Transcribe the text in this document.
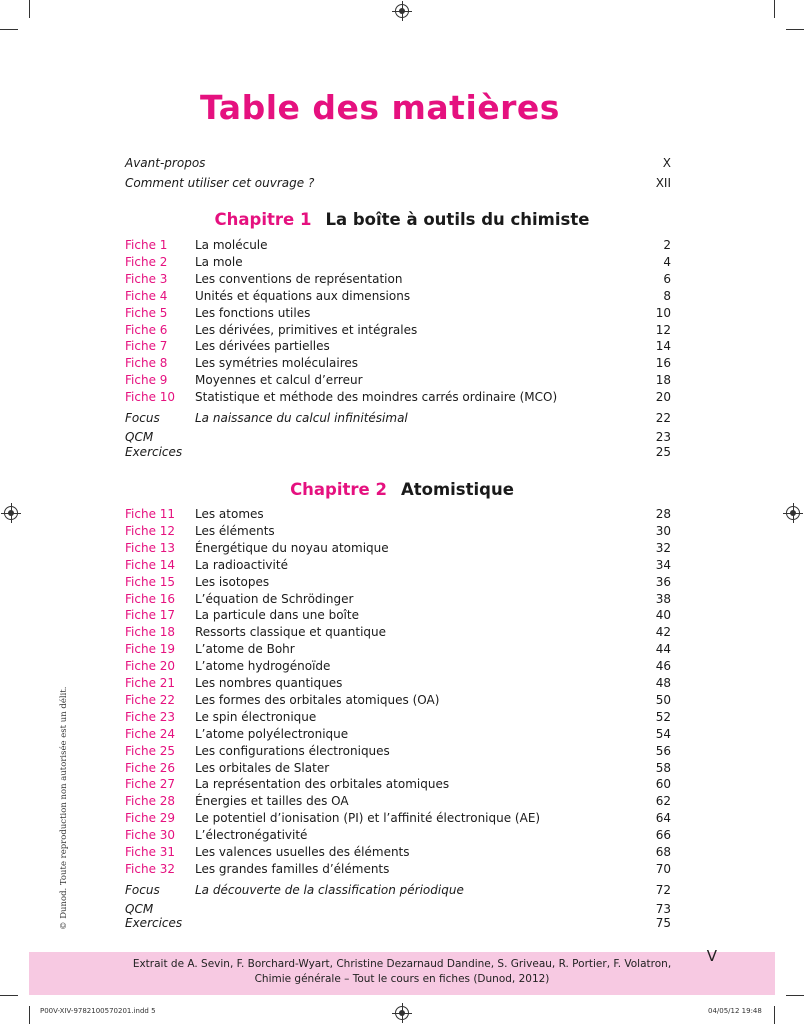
Table des matières
Avant-propos	X
Comment utiliser cet ouvrage ?	XII
Chapitre 1 La boîte à outils du chimiste
Fiche 1 La molécule	2
Fiche 2 La mole	4
Fiche 3 Les conventions de représentation	6
Fiche 4 Unités et équations aux dimensions	8
Fiche 5 Les fonctions utiles	10
Fiche 6 Les dérivées, primitives et intégrales	12
Fiche 7 Les dérivées partielles	14
Fiche 8 Les symétries moléculaires	16
Fiche 9 Moyennes et calcul d’erreur	18
Fiche 10 Statistique et méthode des moindres carrés ordinaire (MCO)	20
Focus	La naissance du calcul infinitésimal	22
QCM	23
Exercices	25
Chapitre 2 Atomistique
Fiche 11 Les atomes	28
Fiche 12 Les éléments	30
Fiche 13 Énergétique du noyau atomique	32
Fiche 14 La radioactivité	34
Fiche 15 Les isotopes	36
Fiche 16 L’équation de Schrödinger	38
Fiche 17 La particule dans une boîte	40
Fiche 18 Ressorts classique et quantique	42
Fiche 19 L’atome de Bohr	44
Fiche 20 L’atome hydrogénoïde	46
Fiche 21 Les nombres quantiques	48
Fiche 22 Les formes des orbitales atomiques (OA)	50
Fiche 23 Le spin électronique	52
Fiche 24 L’atome polyélectronique	54
Fiche 25 Les configurations électroniques	56
Fiche 26 Les orbitales de Slater	58
Fiche 27 La représentation des orbitales atomiques	60
Fiche 28 Énergies et tailles des OA	62
Fiche 29 Le potentiel d’ionisation (PI) et l’affinité électronique (AE)	64
Fiche 30 L’électronégativité	66
Fiche 31 Les valences usuelles des éléments	68
Fiche 32 Les grandes familles d’éléments	70
Focus	La découverte de la classification périodique	72
QCM	73
Exercices	75
© Dunod. Toute reproduction non autorisée est un délit.
Extrait de A. Sevin, F. Borchard-Wyart, Christine Dezarnaud Dandine, S. Griveau, R. Portier, F. Volatron,
Chimie générale – Tout le cours en fiches (Dunod, 2012)
V
P00V-XIV-9782100570201.indd 5	04/05/12 19:48
